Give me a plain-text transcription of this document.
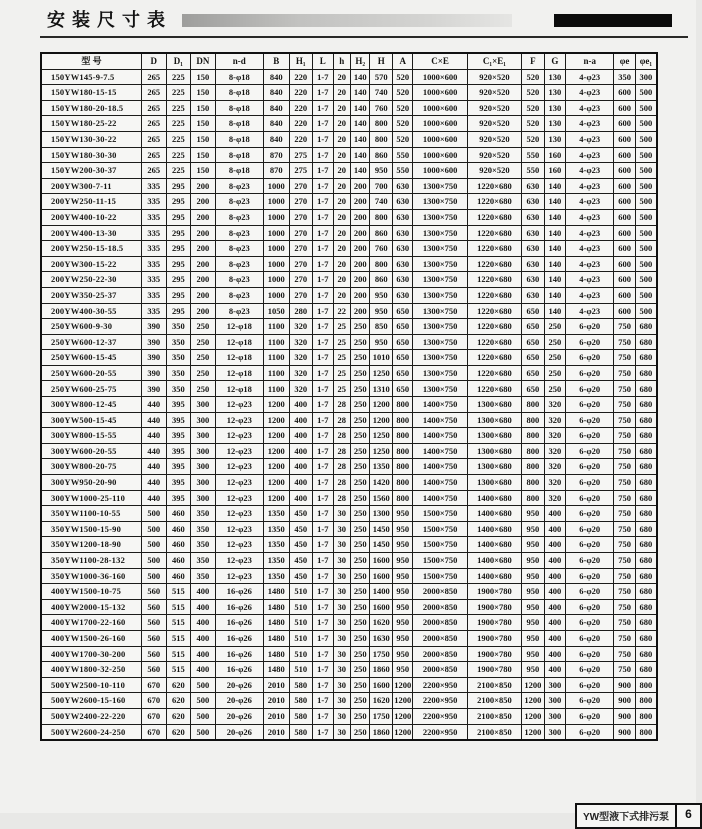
安装尺寸表
型 号	D	D₁	DN	n-d	B	H₁	L	h	H₂	H	A	C×E	C₁×E₁	F	G	n-a	φe	φe₁
150YW145-9-7.5	265	225	150	8-φ18	840	220	1-7	20	140	570	520	1000×600	920×520	520	130	4-φ23	350	300
150YW180-15-15	265	225	150	8-φ18	840	220	1-7	20	140	740	520	1000×600	920×520	520	130	4-φ23	600	500
150YW180-20-18.5	265	225	150	8-φ18	840	220	1-7	20	140	760	520	1000×600	920×520	520	130	4-φ23	600	500
150YW180-25-22	265	225	150	8-φ18	840	220	1-7	20	140	800	520	1000×600	920×520	520	130	4-φ23	600	500
150YW130-30-22	265	225	150	8-φ18	840	220	1-7	20	140	800	520	1000×600	920×520	520	130	4-φ23	600	500
150YW180-30-30	265	225	150	8-φ18	870	275	1-7	20	140	860	550	1000×600	920×520	550	160	4-φ23	600	500
150YW200-30-37	265	225	150	8-φ18	870	275	1-7	20	140	950	550	1000×600	920×520	550	160	4-φ23	600	500
200YW300-7-11	335	295	200	8-φ23	1000	270	1-7	20	200	700	630	1300×750	1220×680	630	140	4-φ23	600	500
200YW250-11-15	335	295	200	8-φ23	1000	270	1-7	20	200	740	630	1300×750	1220×680	630	140	4-φ23	600	500
200YW400-10-22	335	295	200	8-φ23	1000	270	1-7	20	200	800	630	1300×750	1220×680	630	140	4-φ23	600	500
200YW400-13-30	335	295	200	8-φ23	1000	270	1-7	20	200	860	630	1300×750	1220×680	630	140	4-φ23	600	500
200YW250-15-18.5	335	295	200	8-φ23	1000	270	1-7	20	200	760	630	1300×750	1220×680	630	140	4-φ23	600	500
200YW300-15-22	335	295	200	8-φ23	1000	270	1-7	20	200	800	630	1300×750	1220×680	630	140	4-φ23	600	500
200YW250-22-30	335	295	200	8-φ23	1000	270	1-7	20	200	860	630	1300×750	1220×680	630	140	4-φ23	600	500
200YW350-25-37	335	295	200	8-φ23	1000	270	1-7	20	200	950	630	1300×750	1220×680	630	140	4-φ23	600	500
200YW400-30-55	335	295	200	8-φ23	1050	280	1-7	22	200	950	650	1300×750	1220×680	650	140	4-φ23	600	500
250YW600-9-30	390	350	250	12-φ18	1100	320	1-7	25	250	850	650	1300×750	1220×680	650	250	6-φ20	750	680
250YW600-12-37	390	350	250	12-φ18	1100	320	1-7	25	250	950	650	1300×750	1220×680	650	250	6-φ20	750	680
250YW600-15-45	390	350	250	12-φ18	1100	320	1-7	25	250	1010	650	1300×750	1220×680	650	250	6-φ20	750	680
250YW600-20-55	390	350	250	12-φ18	1100	320	1-7	25	250	1250	650	1300×750	1220×680	650	250	6-φ20	750	680
250YW600-25-75	390	350	250	12-φ18	1100	320	1-7	25	250	1310	650	1300×750	1220×680	650	250	6-φ20	750	680
300YW800-12-45	440	395	300	12-φ23	1200	400	1-7	28	250	1200	800	1400×750	1300×680	800	320	6-φ20	750	680
300YW500-15-45	440	395	300	12-φ23	1200	400	1-7	28	250	1200	800	1400×750	1300×680	800	320	6-φ20	750	680
300YW800-15-55	440	395	300	12-φ23	1200	400	1-7	28	250	1250	800	1400×750	1300×680	800	320	6-φ20	750	680
300YW600-20-55	440	395	300	12-φ23	1200	400	1-7	28	250	1250	800	1400×750	1300×680	800	320	6-φ20	750	680
300YW800-20-75	440	395	300	12-φ23	1200	400	1-7	28	250	1350	800	1400×750	1300×680	800	320	6-φ20	750	680
300YW950-20-90	440	395	300	12-φ23	1200	400	1-7	28	250	1420	800	1400×750	1300×680	800	320	6-φ20	750	680
300YW1000-25-110	440	395	300	12-φ23	1200	400	1-7	28	250	1560	800	1400×750	1400×680	800	320	6-φ20	750	680
350YW1100-10-55	500	460	350	12-φ23	1350	450	1-7	30	250	1300	950	1500×750	1400×680	950	400	6-φ20	750	680
350YW1500-15-90	500	460	350	12-φ23	1350	450	1-7	30	250	1450	950	1500×750	1400×680	950	400	6-φ20	750	680
350YW1200-18-90	500	460	350	12-φ23	1350	450	1-7	30	250	1450	950	1500×750	1400×680	950	400	6-φ20	750	680
350YW1100-28-132	500	460	350	12-φ23	1350	450	1-7	30	250	1600	950	1500×750	1400×680	950	400	6-φ20	750	680
350YW1000-36-160	500	460	350	12-φ23	1350	450	1-7	30	250	1600	950	1500×750	1400×680	950	400	6-φ20	750	680
400YW1500-10-75	560	515	400	16-φ26	1480	510	1-7	30	250	1400	950	2000×850	1900×780	950	400	6-φ20	750	680
400YW2000-15-132	560	515	400	16-φ26	1480	510	1-7	30	250	1600	950	2000×850	1900×780	950	400	6-φ20	750	680
400YW1700-22-160	560	515	400	16-φ26	1480	510	1-7	30	250	1620	950	2000×850	1900×780	950	400	6-φ20	750	680
400YW1500-26-160	560	515	400	16-φ26	1480	510	1-7	30	250	1630	950	2000×850	1900×780	950	400	6-φ20	750	680
400YW1700-30-200	560	515	400	16-φ26	1480	510	1-7	30	250	1750	950	2000×850	1900×780	950	400	6-φ20	750	680
400YW1800-32-250	560	515	400	16-φ26	1480	510	1-7	30	250	1860	950	2000×850	1900×780	950	400	6-φ20	750	680
500YW2500-10-110	670	620	500	20-φ26	2010	580	1-7	30	250	1600	1200	2200×950	2100×850	1200	300	6-φ20	900	800
500YW2600-15-160	670	620	500	20-φ26	2010	580	1-7	30	250	1620	1200	2200×950	2100×850	1200	300	6-φ20	900	800
500YW2400-22-220	670	620	500	20-φ26	2010	580	1-7	30	250	1750	1200	2200×950	2100×850	1200	300	6-φ20	900	800
500YW2600-24-250	670	620	500	20-φ26	2010	580	1-7	30	250	1860	1200	2200×950	2100×850	1200	300	6-φ20	900	800
YW型液下式排污泵	6
